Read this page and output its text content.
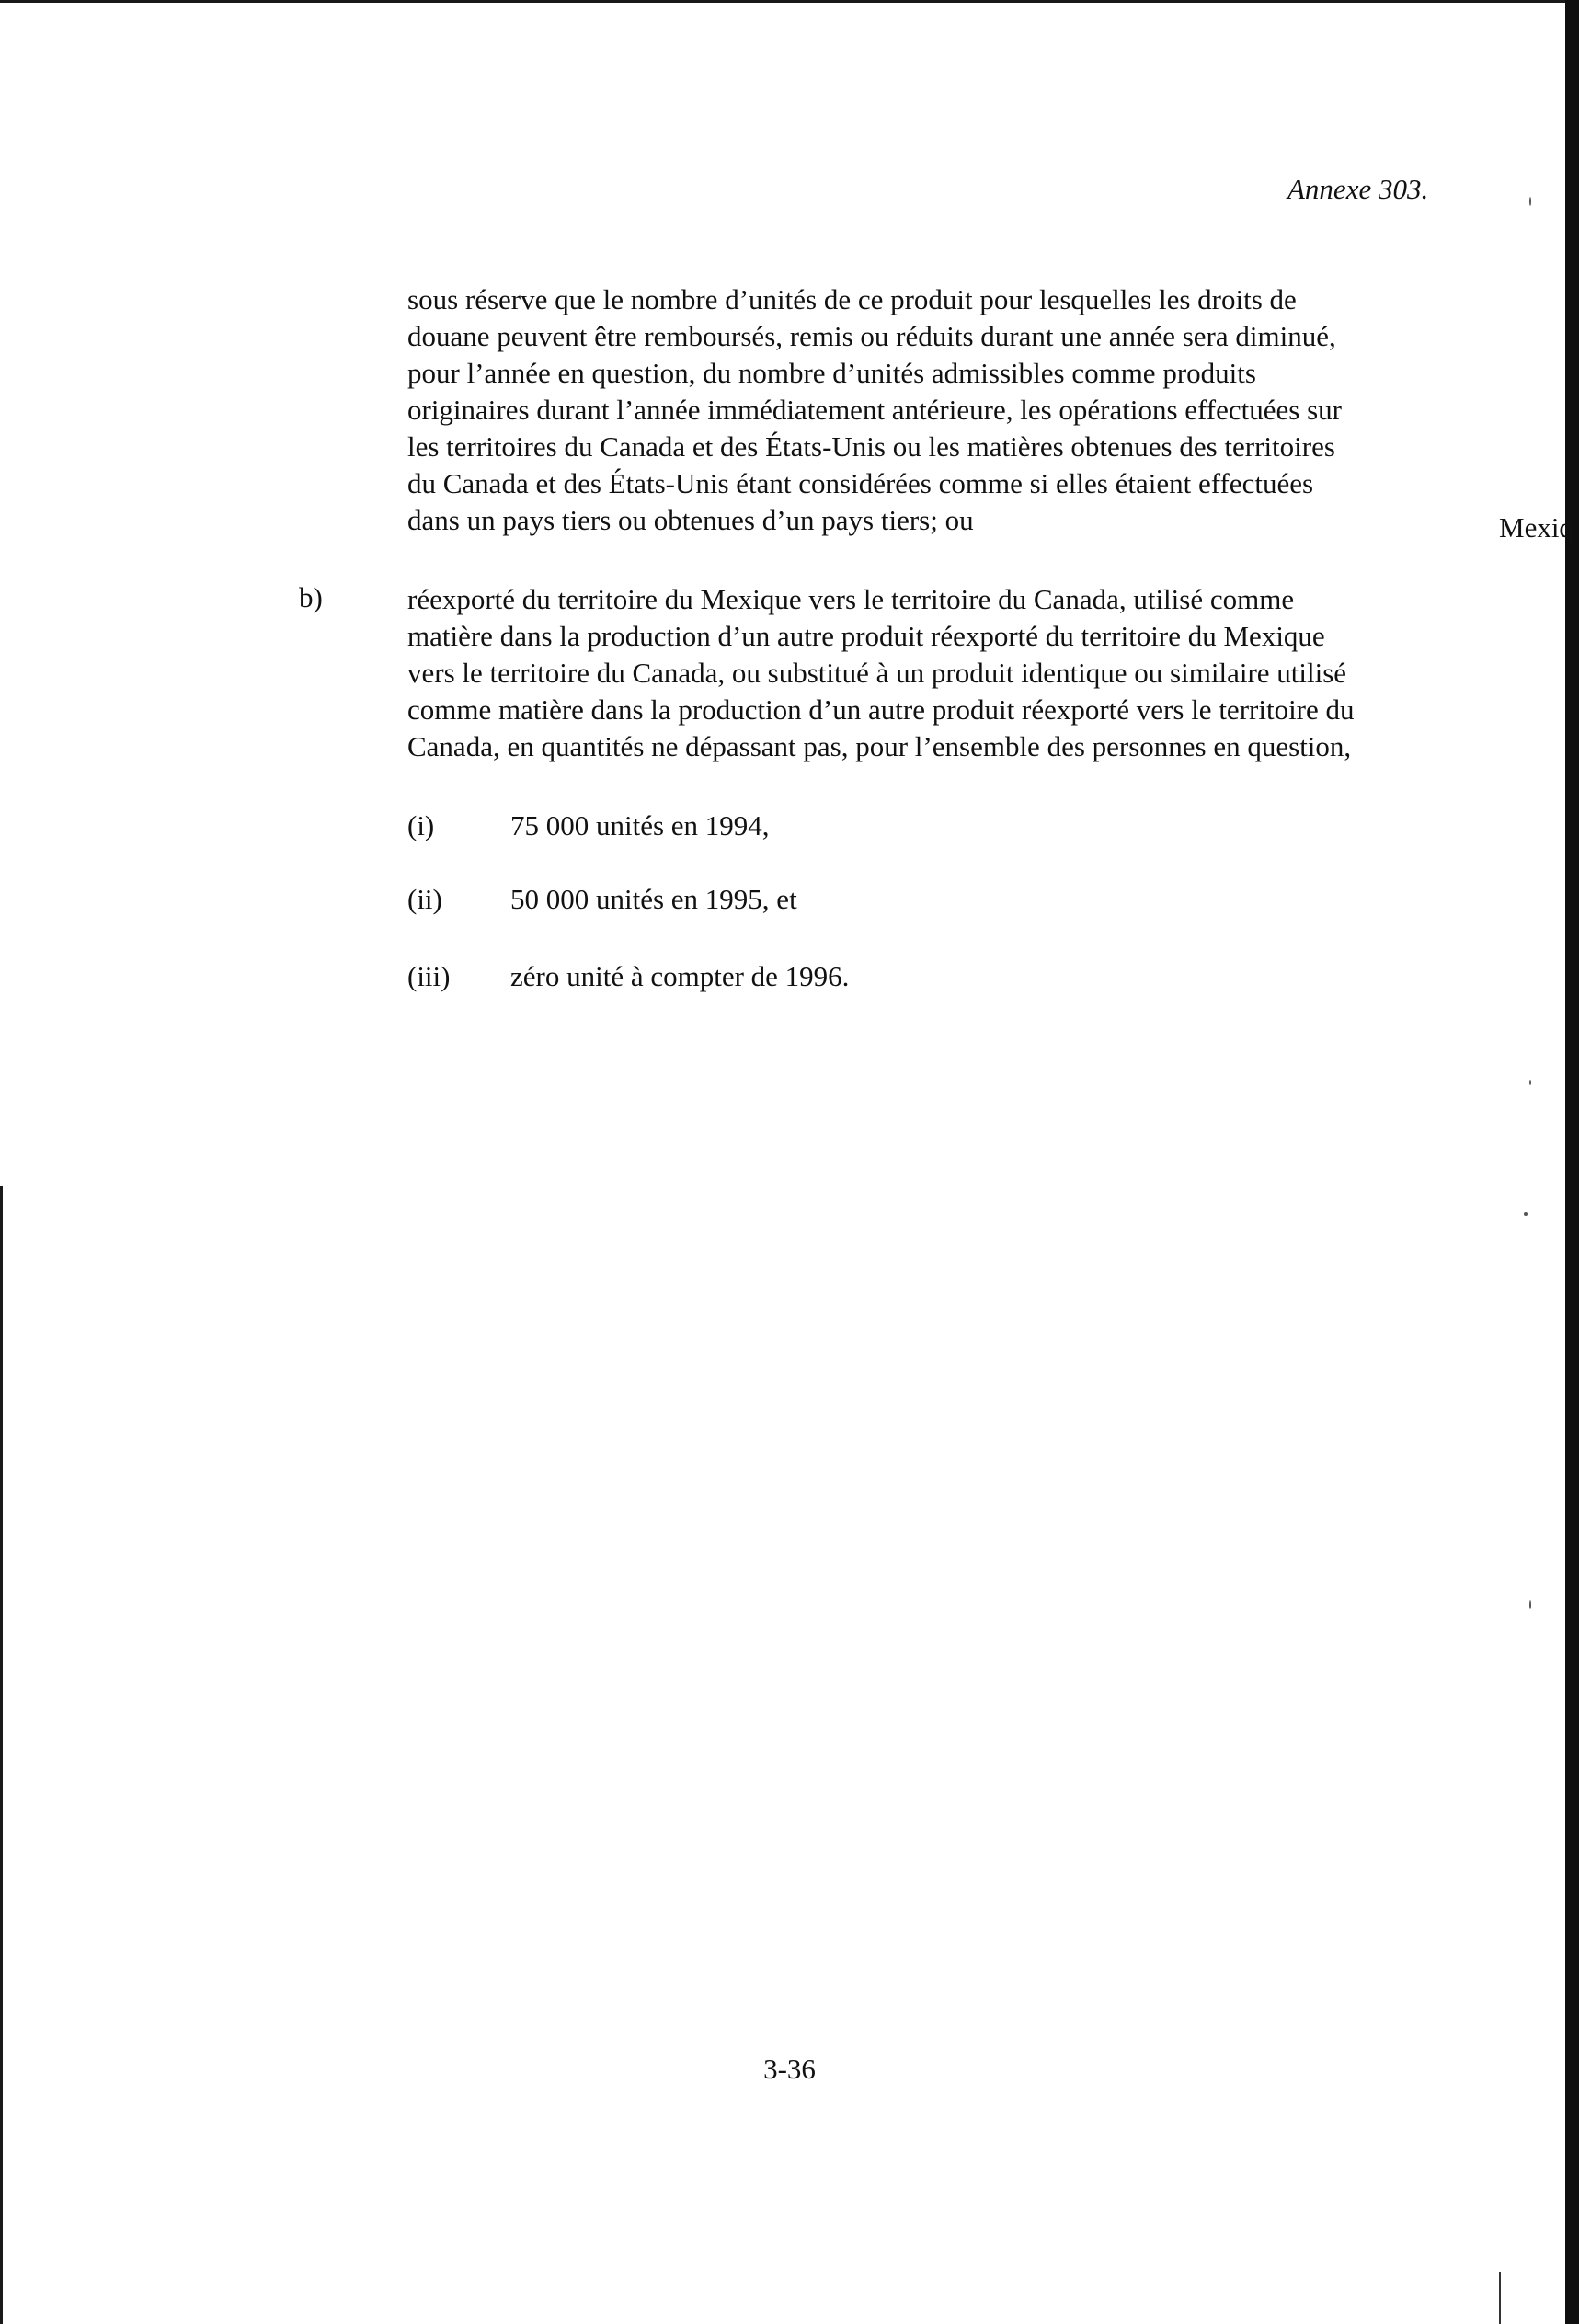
Annexe 303.
sous réserve que le nombre d’unités de ce produit pour lesquelles les droits de
douane peuvent être remboursés, remis ou réduits durant une année sera diminué,
pour l’année en question, du nombre d’unités admissibles comme produits
originaires durant l’année immédiatement antérieure, les opérations effectuées sur
les territoires du Canada et des États-Unis ou les matières obtenues des territoires
du Canada et des États-Unis étant considérées comme si elles étaient effectuées
dans un pays tiers ou obtenues d’un pays tiers; ou	Mexiq
b)	réexporté du territoire du Mexique vers le territoire du Canada, utilisé comme
matière dans la production d’un autre produit réexporté du territoire du Mexique
vers le territoire du Canada, ou substitué à un produit identique ou similaire utilisé
comme matière dans la production d’un autre produit réexporté vers le territoire du
Canada, en quantités ne dépassant pas, pour l’ensemble des personnes en question,
(i)	75 000 unités en 1994,
(ii) 50 000 unités en 1995, et
(iii) zéro unité à compter de 1996.
3-36
